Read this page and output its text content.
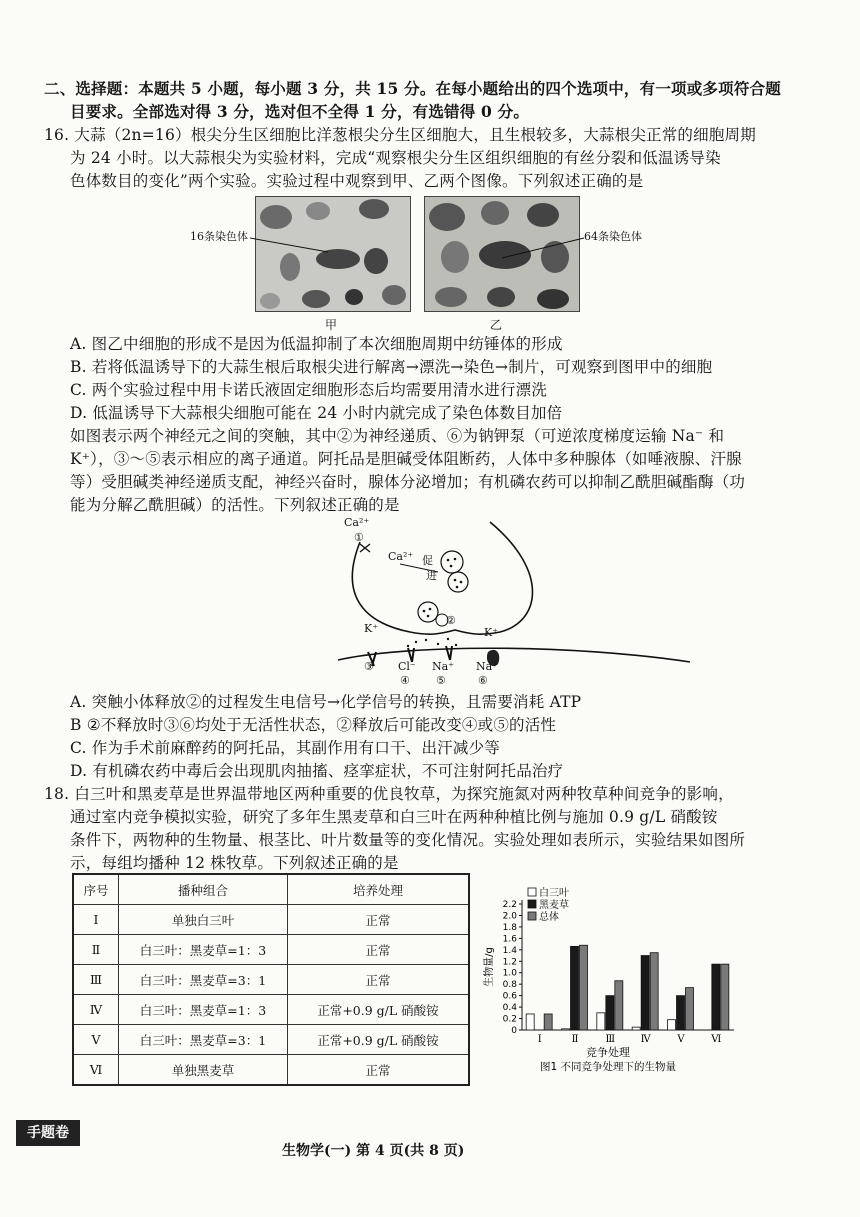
二、选择题：本题共 5 小题，每小题 3 分，共 15 分。在每小题给出的四个选项中，有一项或多项符合题
目要求。全部选对得 3 分，选对但不全得 1 分，有选错得 0 分。
16. 大蒜（2n=16）根尖分生区细胞比洋葱根尖分生区细胞大，且生根较多，大蒜根尖正常的细胞周期
为 24 小时。以大蒜根尖为实验材料，完成“观察根尖分生区组织细胞的有丝分裂和低温诱导染
色体数目的变化”两个实验。实验过程中观察到甲、乙两个图像。下列叙述正确的是
16条染色体
甲
64条染色体
乙
A. 图乙中细胞的形成不是因为低温抑制了本次细胞周期中纺锤体的形成
B. 若将低温诱导下的大蒜生根后取根尖进行解离→漂洗→染色→制片，可观察到图甲中的细胞
C. 两个实验过程中用卡诺氏液固定细胞形态后均需要用清水进行漂洗
D. 低温诱导下大蒜根尖细胞可能在 24 小时内就完成了染色体数目加倍
如图表示两个神经元之间的突触，其中②为神经递质、⑥为钠钾泵（可逆浓度梯度运输 Na⁻ 和
K⁺），③～⑤表示相应的离子通道。阿托品是胆碱受体阻断药，人体中多种腺体（如唾液腺、汗腺
等）受胆碱类神经递质支配，神经兴奋时，腺体分泌增加；有机磷农药可以抑制乙酰胆碱酯酶（功
能为分解乙酰胆碱）的活性。下列叙述正确的是
Ca²⁺
①
Ca²⁺ 促
进
②
K⁺	K⁺
③ Cl⁻
④
Na⁺
⑤
Na⁺
⑥
A. 突触小体释放②的过程发生电信号→化学信号的转换，且需要消耗 ATP
B ②不释放时③⑥均处于无活性状态，②释放后可能改变④或⑤的活性
C. 作为手术前麻醉药的阿托品，其副作用有口干、出汗减少等
D. 有机磷农药中毒后会出现肌肉抽搐、痉挛症状，不可注射阿托品治疗
18. 白三叶和黑麦草是世界温带地区两种重要的优良牧草，为探究施氮对两种牧草种间竞争的影响，
通过室内竞争模拟实验，研究了多年生黑麦草和白三叶在两种种植比例与施加 0.9 g/L 硝酸铵
条件下，两物种的生物量、根茎比、叶片数量等的变化情况。实验处理如表所示，实验结果如图所
示，每组均播种 12 株牧草。下列叙述正确的是
序号	播种组合	培养处理
Ⅰ	单独白三叶	正常
Ⅱ	白三叶：黑麦草=1：3	正常
Ⅲ	白三叶：黑麦草=3：1	正常
Ⅳ	白三叶：黑麦草=1：3	正常+0.9 g/L 硝酸铵
Ⅴ	白三叶：黑麦草=3：1	正常+0.9 g/L 硝酸铵
Ⅵ	单独黑麦草	正常
0
0.2
0.4
0.6
0.8
1.0
1.2
1.4
1.6
1.8
2.0
2.2
生物量/g
Ⅰ	Ⅱ	Ⅲ	Ⅳ	Ⅴ	Ⅵ
竞争处理
图1 不同竞争处理下的生物量
白三叶
黑麦草
总体
生物学(一) 第 4 页(共 8 页)
手题卷
